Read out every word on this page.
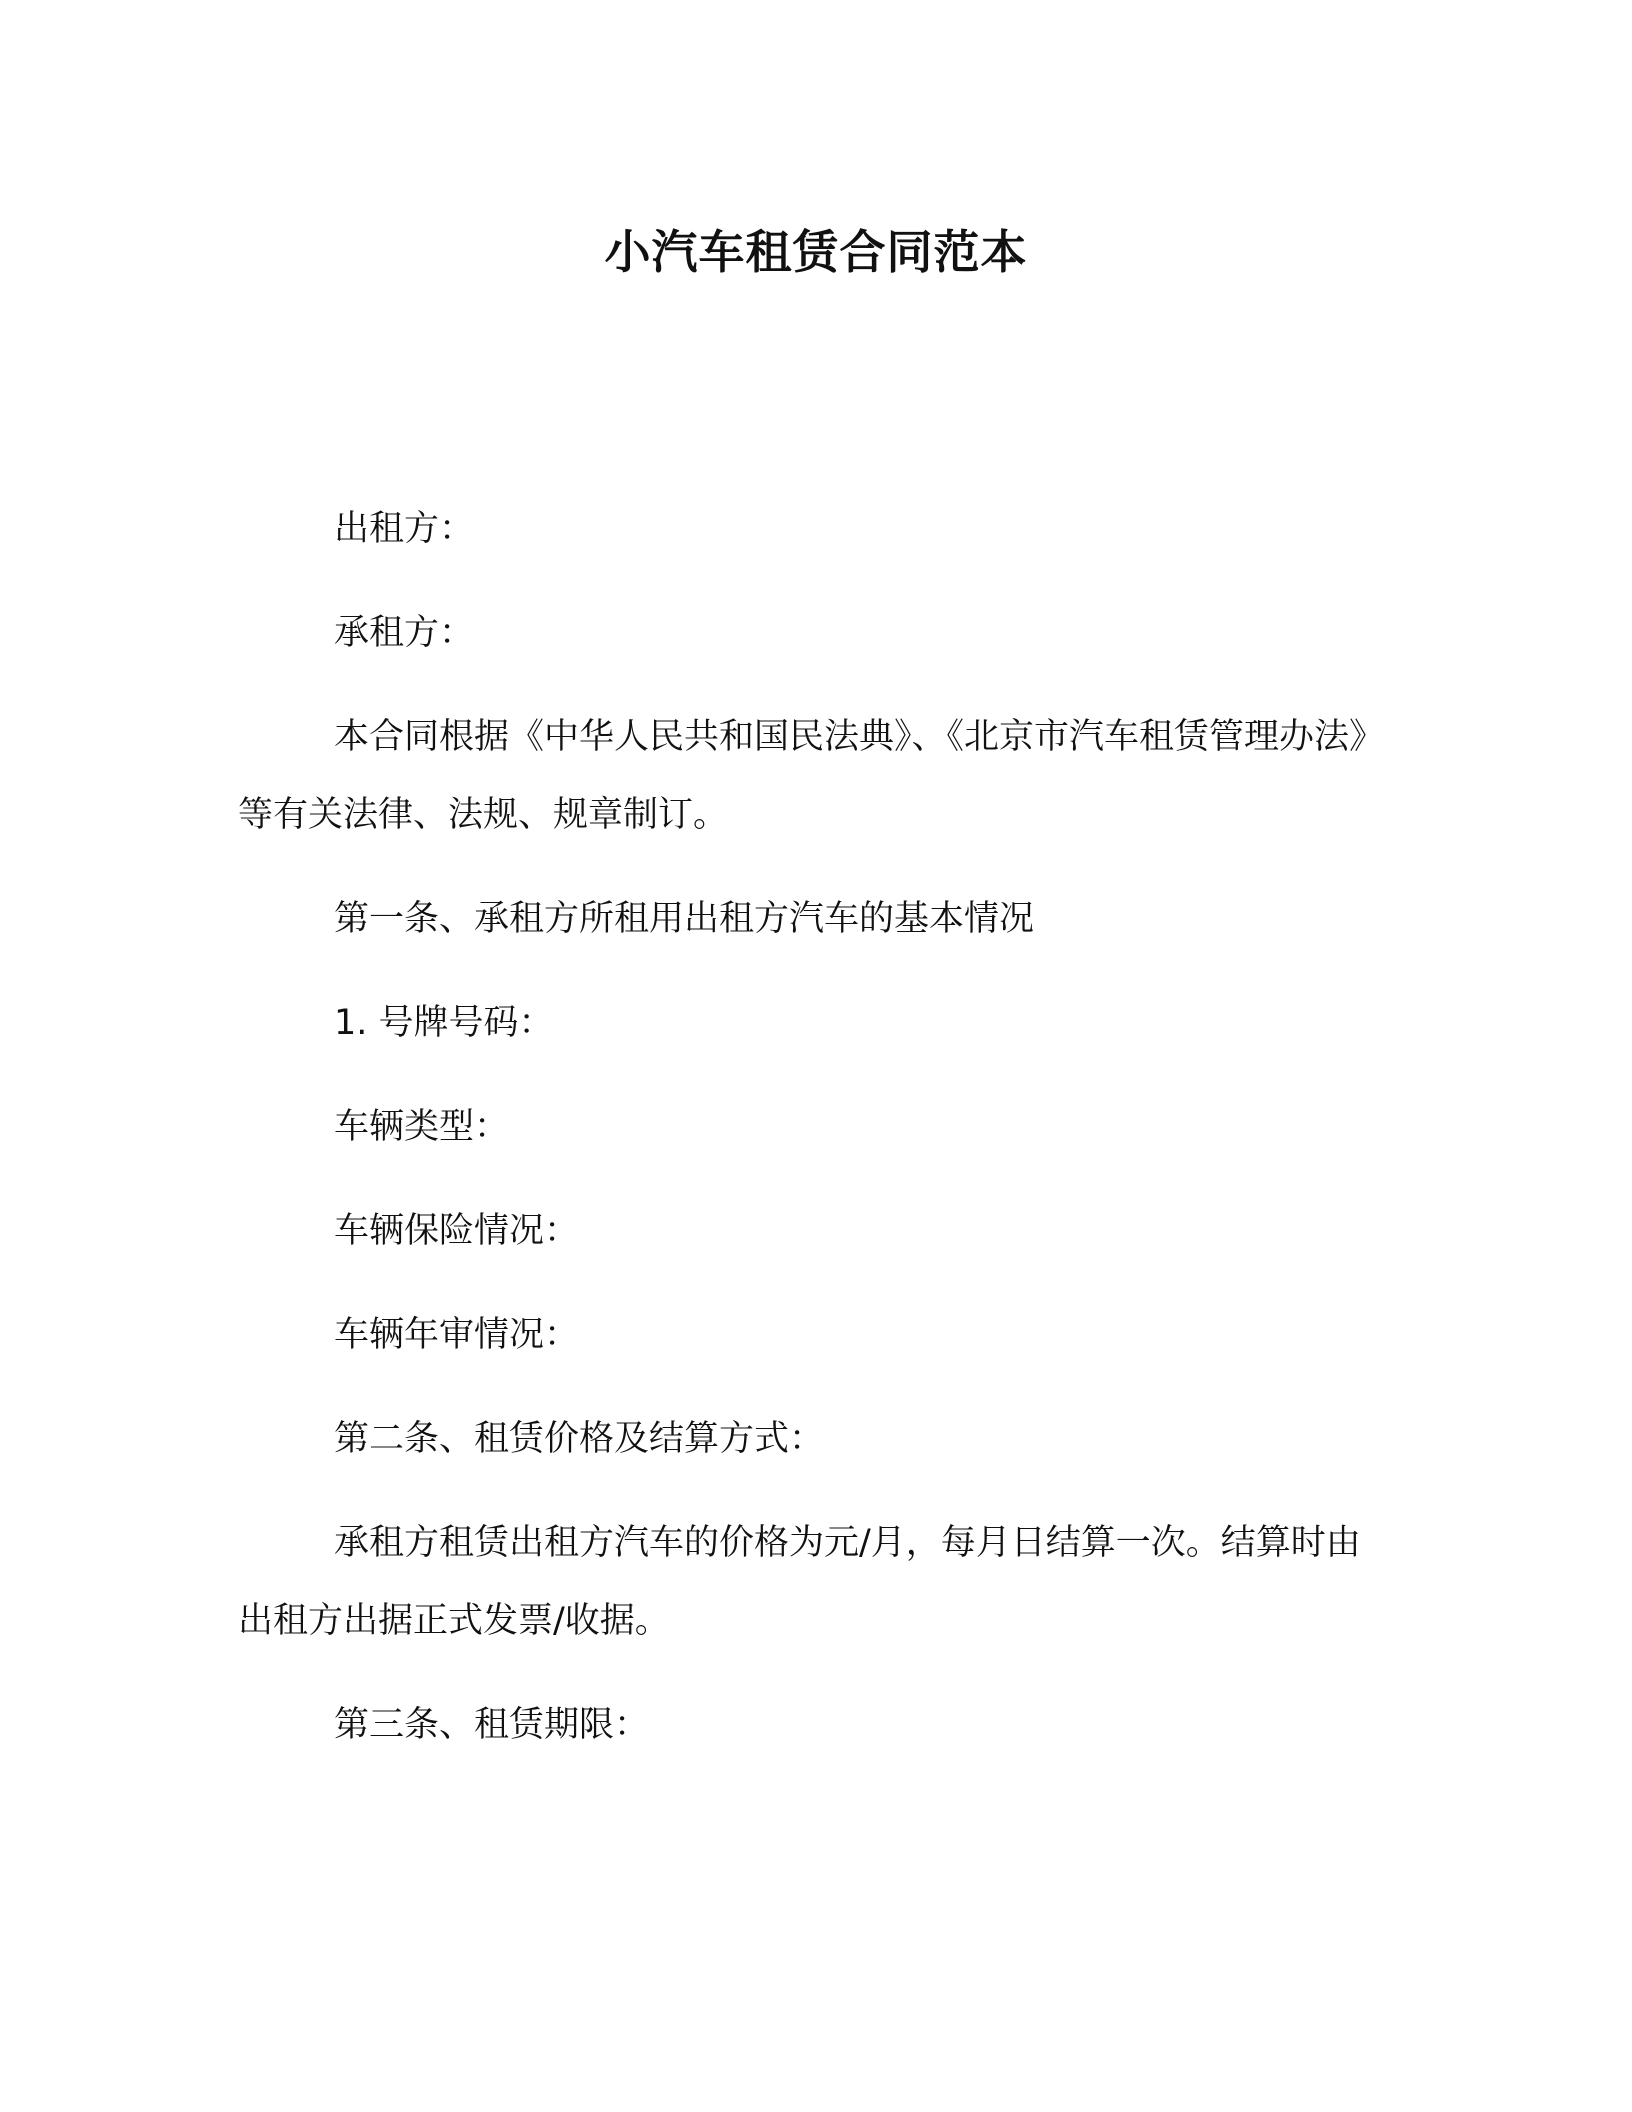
小汽车租赁合同范本

出租方：

承租方：

本合同根据《中华人民共和国民法典》、《北京市汽车租赁管理办法》等有关法律、法规、规章制订。

第一条、承租方所租用出租方汽车的基本情况

1. 号牌号码：

车辆类型：

车辆保险情况：

车辆年审情况：

第二条、租赁价格及结算方式：

承租方租赁出租方汽车的价格为元/月，每月日结算一次。结算时由出租方出据正式发票/收据。

第三条、租赁期限：
